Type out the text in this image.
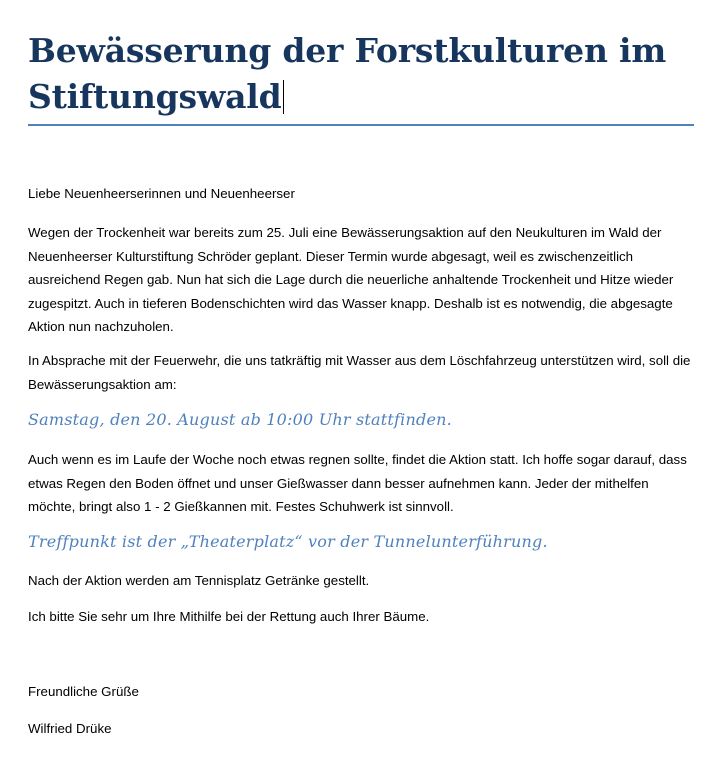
Bewässerung der Forstkulturen im Stiftungswald

Liebe Neuenheerserinnen und Neuenheerser

Wegen der Trockenheit war bereits zum 25. Juli eine Bewässerungsaktion auf den Neukulturen im Wald der Neuenheerser Kulturstiftung Schröder geplant. Dieser Termin wurde abgesagt, weil es zwischenzeitlich ausreichend Regen gab. Nun hat sich die Lage durch die neuerliche anhaltende Trockenheit und Hitze wieder zugespitzt. Auch in tieferen Bodenschichten wird das Wasser knapp. Deshalb ist es notwendig, die abgesagte Aktion nun nachzuholen.

In Absprache mit der Feuerwehr, die uns tatkräftig mit Wasser aus dem Löschfahrzeug unterstützen wird, soll die Bewässerungsaktion am:

Samstag, den 20. August ab 10:00 Uhr stattfinden.

Auch wenn es im Laufe der Woche noch etwas regnen sollte, findet die Aktion statt. Ich hoffe sogar darauf, dass etwas Regen den Boden öffnet und unser Gießwasser dann besser aufnehmen kann. Jeder der mithelfen möchte, bringt also 1 - 2 Gießkannen mit. Festes Schuhwerk ist sinnvoll.

Treffpunkt ist der „Theaterplatz“ vor der Tunnelunterführung.

Nach der Aktion werden am Tennisplatz Getränke gestellt.

Ich bitte Sie sehr um Ihre Mithilfe bei der Rettung auch Ihrer Bäume.

Freundliche Grüße

Wilfried Drüke
